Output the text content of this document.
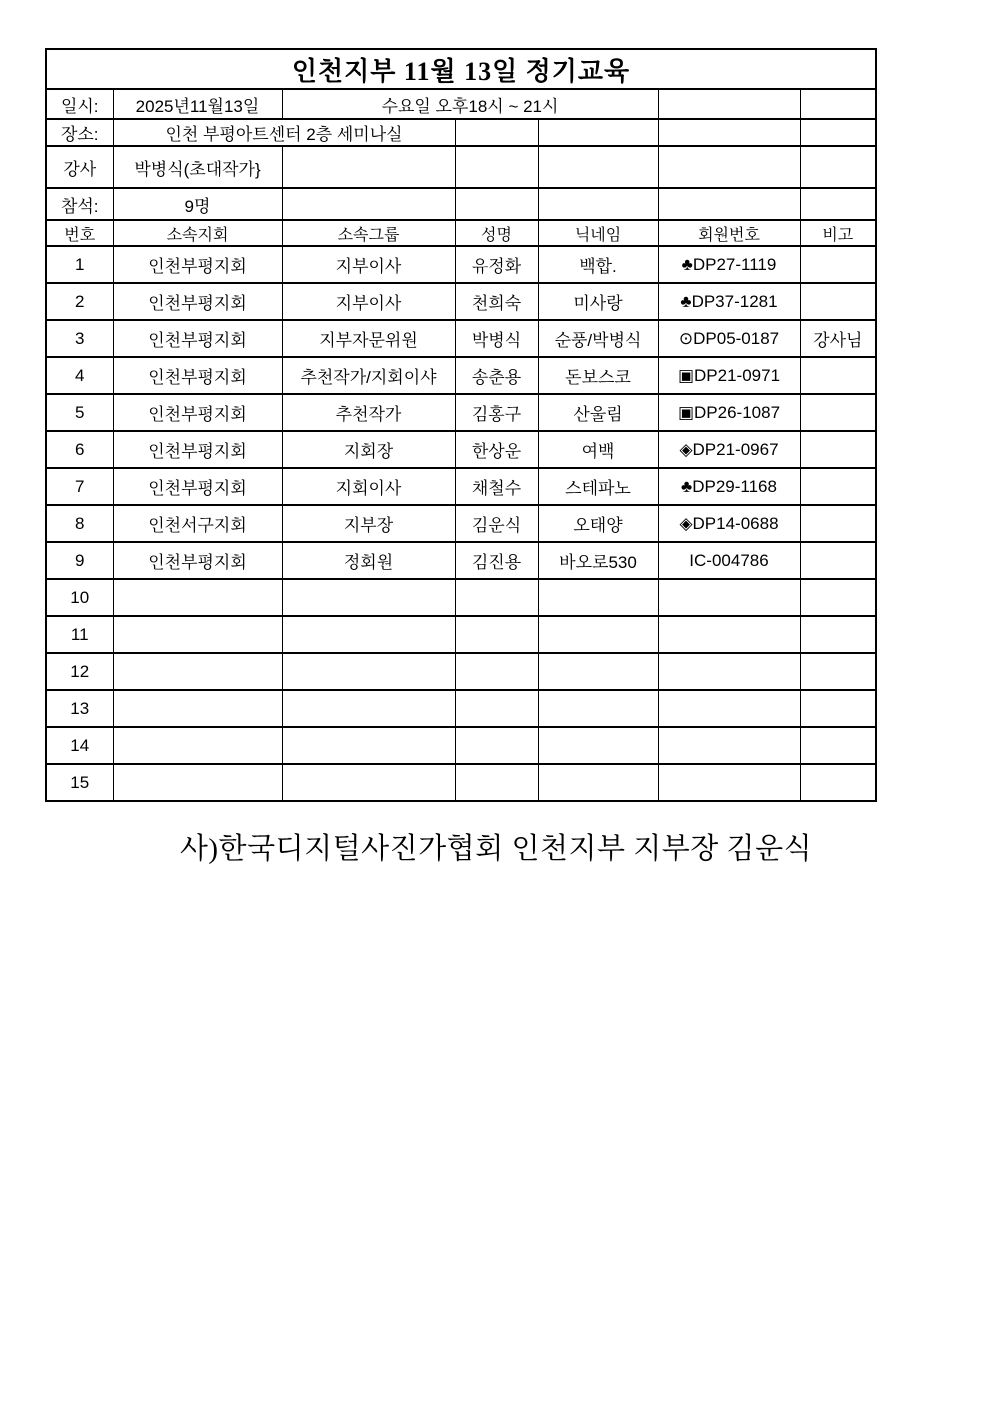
인천지부 11월 13일 정기교육						
일시:	2025년11월13일	수요일 오후18시 ~ 21시				
장소:	인천 부평아트센터 2층 세미나실					
강사	박병식(초대작가}					
참석:	9명					
번호	소속지회	소속그룹	성명	닉네임	회원번호	비고
1	인천부평지회	지부이사	유정화	백합.	♣DP27-1119	
2	인천부평지회	지부이사	천희숙	미사랑	♣DP37-1281	
3	인천부평지회	지부자문위원	박병식	순풍/박병식	⊙DP05-0187	강사님
4	인천부평지회	추천작가/지회이샤	송춘용	돈보스코	▣DP21-0971	
5	인천부평지회	추천작가	김홍구	산울림	▣DP26-1087	
6	인천부평지회	지회장	한상운	여백	◈DP21-0967	
7	인천부평지회	지회이사	채철수	스테파노	♣DP29-1168	
8	인천서구지회	지부장	김운식	오태양	◈DP14-0688	
9	인천부평지회	정회원	김진용	바오로530	IC-004786	
10						
11						
12						
13						
14						
15						
사)한국디지털사진가협회 인천지부 지부장 김운식
